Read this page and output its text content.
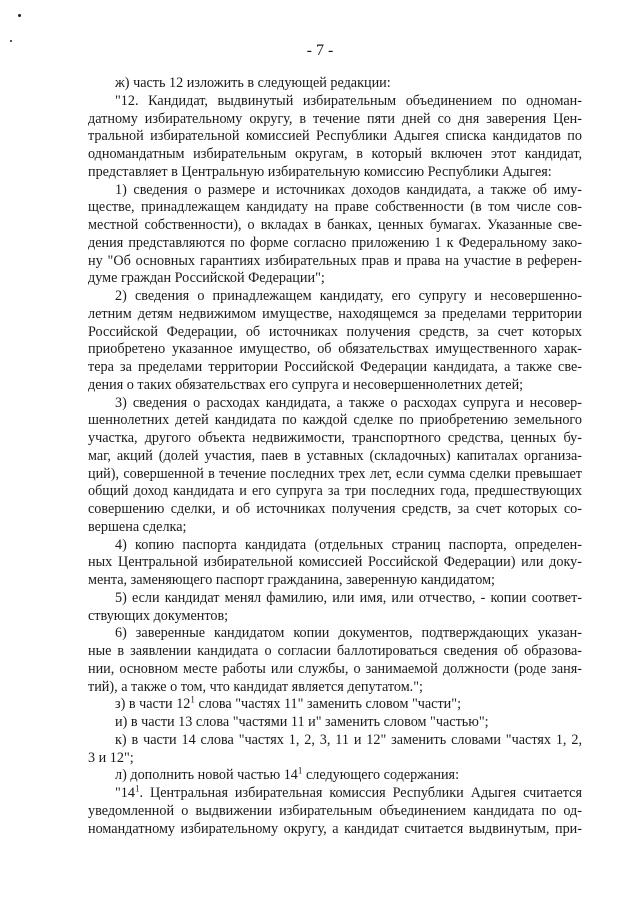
- 7 -
ж) часть 12 изложить в следующей редакции:
"12. Кандидат, выдвинутый избирательным объединением по одноман-
датному избирательному округу, в течение пяти дней со дня заверения Цен-
тральной избирательной комиссией Республики Адыгея списка кандидатов по
одномандатным избирательным округам, в который включен этот кандидат,
представляет в Центральную избирательную комиссию Республики Адыгея:
1) сведения о размере и источниках доходов кандидата, а также об иму-
ществе, принадлежащем кандидату на праве собственности (в том числе сов-
местной собственности), о вкладах в банках, ценных бумагах. Указанные све-
дения представляются по форме согласно приложению 1 к Федеральному зако-
ну "Об основных гарантиях избирательных прав и права на участие в референ-
думе граждан Российской Федерации";
2) сведения о принадлежащем кандидату, его супругу и несовершенно-
летним детям недвижимом имуществе, находящемся за пределами территории
Российской Федерации, об источниках получения средств, за счет которых
приобретено указанное имущество, об обязательствах имущественного харак-
тера за пределами территории Российской Федерации кандидата, а также све-
дения о таких обязательствах его супруга и несовершеннолетних детей;
3) сведения о расходах кандидата, а также о расходах супруга и несовер-
шеннолетних детей кандидата по каждой сделке по приобретению земельного
участка, другого объекта недвижимости, транспортного средства, ценных бу-
маг, акций (долей участия, паев в уставных (складочных) капиталах организа-
ций), совершенной в течение последних трех лет, если сумма сделки превышает
общий доход кандидата и его супруга за три последних года, предшествующих
совершению сделки, и об источниках получения средств, за счет которых со-
вершена сделка;
4) копию паспорта кандидата (отдельных страниц паспорта, определен-
ных Центральной избирательной комиссией Российской Федерации) или доку-
мента, заменяющего паспорт гражданина, заверенную кандидатом;
5) если кандидат менял фамилию, или имя, или отчество, - копии соответ-
ствующих документов;
6) заверенные кандидатом копии документов, подтверждающих указан-
ные в заявлении кандидата о согласии баллотироваться сведения об образова-
нии, основном месте работы или службы, о занимаемой должности (роде заня-
тий), а также о том, что кандидат является депутатом.";
з) в части $12^1$ слова "частях 11" заменить словом "части";
и) в части 13 слова "частями 11 и" заменить словом "частью";
к) в части 14 слова "частях 1, 2, 3, 11 и 12" заменить словами "частях 1, 2,
3 и 12";
л) дополнить новой частью $14^1$ следующего содержания:
"$14^1$. Центральная избирательная комиссия Республики Адыгея считается
уведомленной о выдвижении избирательным объединением кандидата по од-
номандатному избирательному округу, а кандидат считается выдвинутым, при-
